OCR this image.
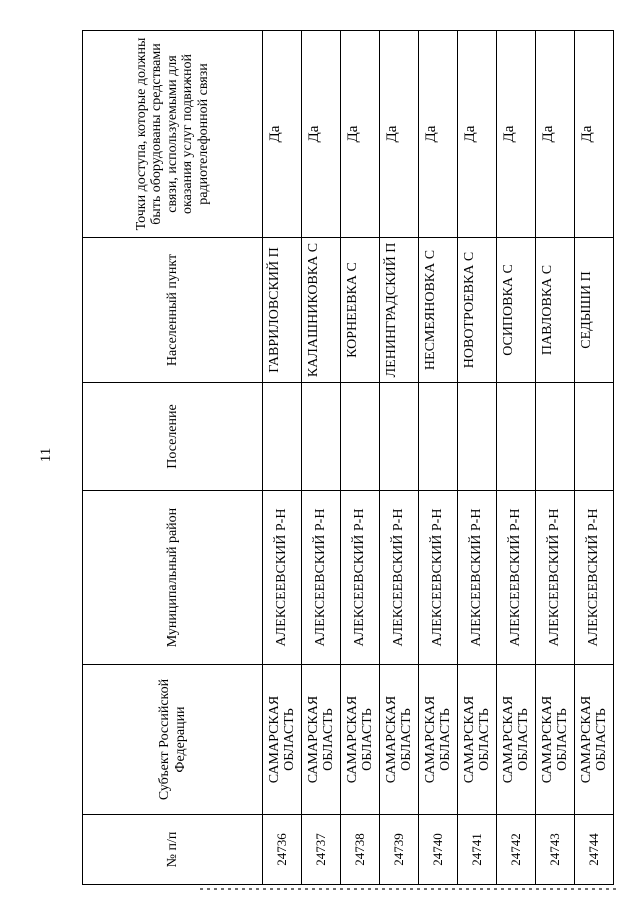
11
№ п/п	Субъект Российской Федерации	Муниципальный район	Поселение	Населенный пункт	Точки доступа, которые должны быть оборудованы средствами связи, используемыми для оказания услуг подвижной радиотелефонной связи
24736	САМАРСКАЯ ОБЛАСТЬ	АЛЕКСЕЕВСКИЙ Р-Н		ГАВРИЛОВСКИЙ П	Да
24737	САМАРСКАЯ ОБЛАСТЬ	АЛЕКСЕЕВСКИЙ Р-Н		КАЛАШНИКОВКА С	Да
24738	САМАРСКАЯ ОБЛАСТЬ	АЛЕКСЕЕВСКИЙ Р-Н		КОРНЕЕВКА С	Да
24739	САМАРСКАЯ ОБЛАСТЬ	АЛЕКСЕЕВСКИЙ Р-Н		ЛЕНИНГРАДСКИЙ П	Да
24740	САМАРСКАЯ ОБЛАСТЬ	АЛЕКСЕЕВСКИЙ Р-Н		НЕСМЕЯНОВКА С	Да
24741	САМАРСКАЯ ОБЛАСТЬ	АЛЕКСЕЕВСКИЙ Р-Н		НОВОТРОЕВКА С	Да
24742	САМАРСКАЯ ОБЛАСТЬ	АЛЕКСЕЕВСКИЙ Р-Н		ОСИПОВКА С	Да
24743	САМАРСКАЯ ОБЛАСТЬ	АЛЕКСЕЕВСКИЙ Р-Н		ПАВЛОВКА С	Да
24744	САМАРСКАЯ ОБЛАСТЬ	АЛЕКСЕЕВСКИЙ Р-Н		СЕДЫШИ П	Да
